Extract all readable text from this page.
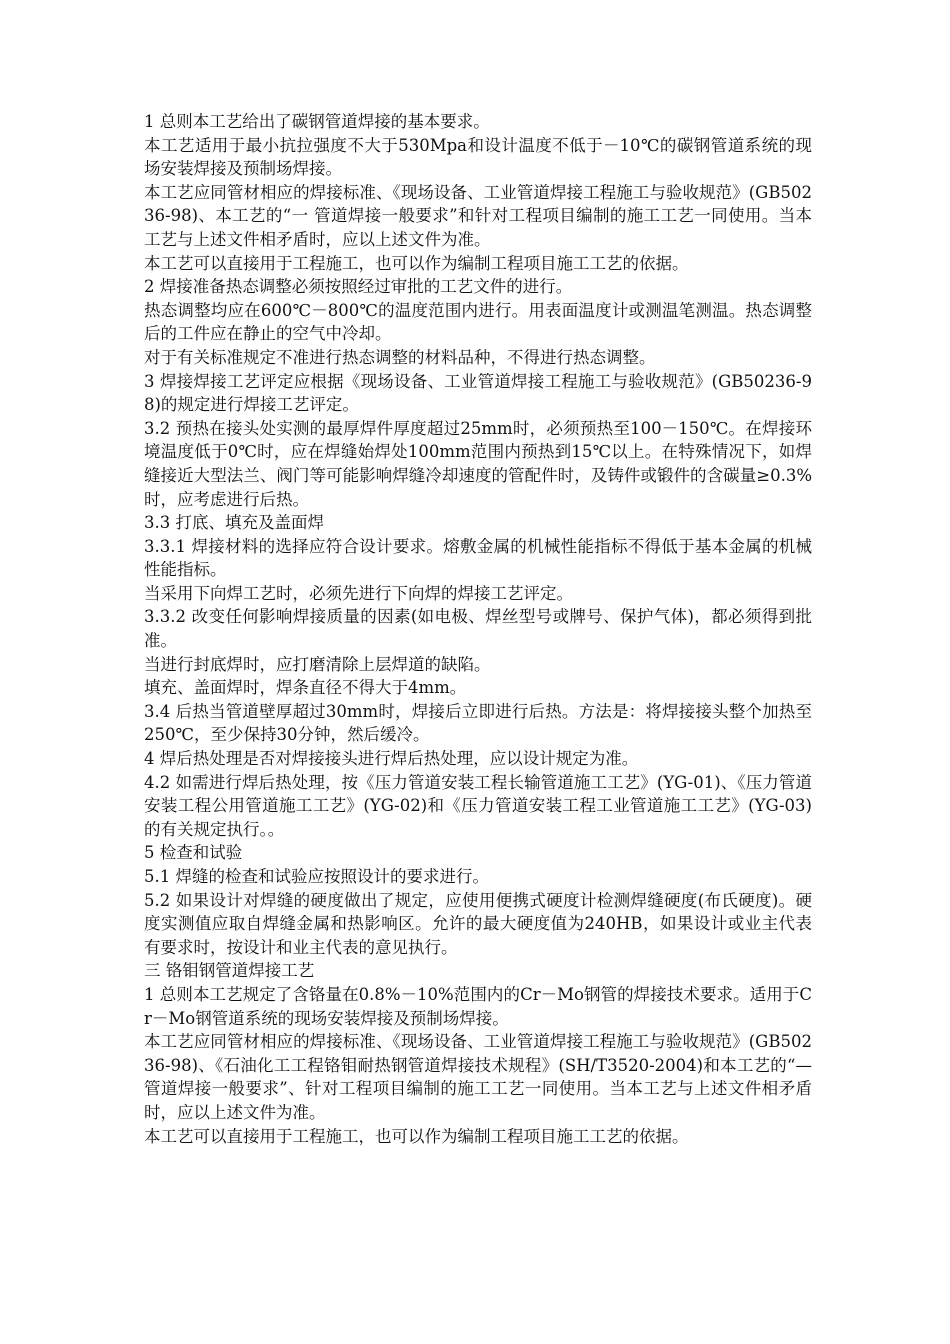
1 总则本工艺给出了碳钢管道焊接的基本要求。

本工艺适用于最小抗拉强度不大于530Mpa和设计温度不低于－10℃的碳钢管道系统的现场安装焊接及预制场焊接。

本工艺应同管材相应的焊接标准、《现场设备、工业管道焊接工程施工与验收规范》(GB50236-98)、本工艺的“一 管道焊接一般要求”和针对工程项目编制的施工工艺一同使用。当本工艺与上述文件相矛盾时，应以上述文件为准。

本工艺可以直接用于工程施工，也可以作为编制工程项目施工工艺的依据。

2 焊接准备热态调整必须按照经过审批的工艺文件的进行。

热态调整均应在600℃－800℃的温度范围内进行。用表面温度计或测温笔测温。热态调整后的工件应在静止的空气中冷却。

对于有关标准规定不准进行热态调整的材料品种，不得进行热态调整。

3 焊接焊接工艺评定应根据《现场设备、工业管道焊接工程施工与验收规范》(GB50236-98)的规定进行焊接工艺评定。

3.2 预热在接头处实测的最厚焊件厚度超过25mm时，必须预热至100－150℃。在焊接环境温度低于0℃时，应在焊缝始焊处100mm范围内预热到15℃以上。在特殊情况下，如焊缝接近大型法兰、阀门等可能影响焊缝冷却速度的管配件时，及铸件或锻件的含碳量≥0.3%时，应考虑进行后热。

3.3 打底、填充及盖面焊

3.3.1 焊接材料的选择应符合设计要求。熔敷金属的机械性能指标不得低于基本金属的机械性能指标。

当采用下向焊工艺时，必须先进行下向焊的焊接工艺评定。

3.3.2 改变任何影响焊接质量的因素(如电极、焊丝型号或牌号、保护气体)，都必须得到批准。

当进行封底焊时，应打磨清除上层焊道的缺陷。

填充、盖面焊时，焊条直径不得大于4mm。

3.4 后热当管道壁厚超过30mm时，焊接后立即进行后热。方法是：将焊接接头整个加热至250℃，至少保持30分钟，然后缓冷。

4 焊后热处理是否对焊接接头进行焊后热处理，应以设计规定为准。

4.2 如需进行焊后热处理，按《压力管道安装工程长输管道施工工艺》(YG-01)、《压力管道安装工程公用管道施工工艺》(YG-02)和《压力管道安装工程工业管道施工工艺》(YG-03)的有关规定执行。。

5 检查和试验

5.1 焊缝的检查和试验应按照设计的要求进行。

5.2 如果设计对焊缝的硬度做出了规定，应使用便携式硬度计检测焊缝硬度(布氏硬度)。硬度实测值应取自焊缝金属和热影响区。允许的最大硬度值为240HB，如果设计或业主代表有要求时，按设计和业主代表的意见执行。

三 铬钼钢管道焊接工艺

1 总则本工艺规定了含铬量在0.8%－10%范围内的Cr－Mo钢管的焊接技术要求。适用于Cr－Mo钢管道系统的现场安装焊接及预制场焊接。

本工艺应同管材相应的焊接标准、《现场设备、工业管道焊接工程施工与验收规范》(GB50236-98)、《石油化工工程铬钼耐热钢管道焊接技术规程》(SH/T3520-2004)和本工艺的“— 管道焊接一般要求”、针对工程项目编制的施工工艺一同使用。当本工艺与上述文件相矛盾时，应以上述文件为准。

本工艺可以直接用于工程施工，也可以作为编制工程项目施工工艺的依据。
